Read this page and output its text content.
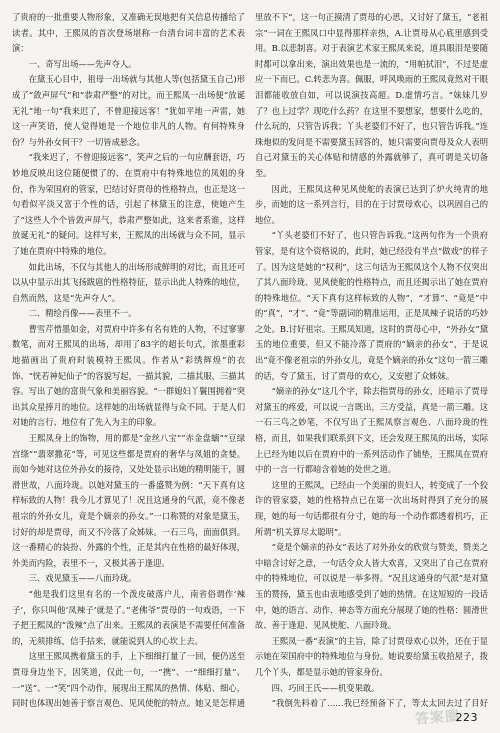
了贵府的一批重要人物形象，又准确无误地把有关信息传播给了读者。其中，王熙凤的首次登场堪称一台清台词丰富的艺术表演：

一、奇写出场——先声夺人。

在黛玉心目中，祖母一出场就与其他人等(包括黛玉自己)形成了“敛声屏气”和“恭肃严整”的对比，而王熙凤一出场便“放诞无礼”地一句“我来迟了，不曾迎接远客！”犹如平地一声雷，她这一声笑语，使人觉得她是一个地位非凡的人物。有何特殊身份？与外孙女何干？一切皆成悬念。

“我来迟了，不曾迎接远客”，笑声之后的一句应酬套语，巧妙地反映出这位随便惯了的、在贾府中有特殊地位的凤姐的身份，作为荣国府的管家，巴结讨好贾母的性格特点，也正是这一句看似平淡又富于个性的话，引起了林黛玉的注意，使她产生了“这些人个个皆敛声屏气，恭肃严整如此，这来者系谁，这样放诞无礼”的疑问。这样写来，王熙凤的出场就与众不同，显示了她在贾府中特殊的地位。

如此出场，不仅与其他人的出场形成鲜明的对比，而且还可以从中显示出其飞扬跋扈的性格特征，显示出此人特殊的地位，自然而然，这是“先声夺人”。

二、精绘肖像——表里不一。

曹雪芹惜墨如金，对贾府中许多有名有姓的人物，不过寥寥数笔，而对王熙凤的出场，却用了83字的超长句式，浓墨重彩地描画出了贵府时装模特王熙凤。作者从“彩绣辉煌”的衣饰、“恍若神妃仙子”的容貌写起，一描其貌，二描其服，三描其容。写出了她的富贵气象和美丽容貌。“一群媳妇丫鬟围拥着”突出其众星捧月的地位。这样她的出场就显得与众不同。于是人们对她的言行、地位有了先入为主的印象。

王熙凤身上的饰物，用的都是“金丝八宝”“赤金盘螭”“豆绿宫绦”“翡翠撒花”等，可见这些都是贾府的奢华与凤姐的贪婪。而如今她对这位外孙女的接待，又处处显示出她的精明能干，圆滑世故，八面玲珑。以她对黛玉的一番盛赞为例：“天下真有这样标致的人物！我今儿才算见了！况且这通身的气派，竟不像老祖宗的外孙女儿，竟是个嫡亲的孙女。”一口称赞的对象是黛玉，讨好的却是贾母，而又不冷落了众姊妹。一石三鸟，面面俱到。这一番精心的装扮、外露的个性，正是其内在性格的最好体现，外美而内险，表里不一，又极其善于逢迎。

三、戏见黛玉——八面玲珑。

“他是我们这里有名的一个泼皮破落户儿，南省俗谓作‘辣子’，你只叫他‘凤辣子’就是了。”老佛爷”贾母的一句戏语，一下子把王熙凤的“泼辣”点了出来。王熙凤的表演是不需要任何准备的，无须排练，信手拈来，就能说到人的心坎上去。

这里王熙凤携着黛玉的手，上下细细打量了一回，便仍送至贾母身边坐下，因笑道，仅此一句，一“携”、一“细细打量”、一“送”、一“笑”四个动作，展现出王熙凤的热情、体贴、细心，同时也体现出她善于察言观色、见风使舵的特点。她又是怎样通

里放不下”，这一句正摸清了贾母的心思，又讨好了黛玉，“老祖宗”一词在王熙凤口中显得那样亲热，A.让贾母从心底里感到受用。B.以悲制喜。对于表演艺术家王熙凤来说，道具眼泪是要随时都可以拿出来，演出效果也是一流的，“用帕拭泪”，不过是虚应一下而已。C.转悲为喜。佩服，呼风唤雨的王熙凤竟然对干眼泪都能收放自如，可以说演技高超。D.虚情巧言。“妹妹几岁了？也上过学？现吃什么药？在这里不要想家，想要什么吃的，什么玩的，只管告诉我；丫头老婆们不好了，也只管告诉我。”连珠炮似的发问是不需要黛玉回答的，她只需要向贾母及众人表明自己对黛玉的关心体贴和情感的外露就够了，真可谓是关切备至。

因此，王熙凤这种见风使舵的表演已达到了炉火纯青的地步，而她的这一系列言行，目的在于讨贾母欢心，以巩固自己的地位。

“丫头老婆们不好了，也只管告诉我。”这两句作为一个贵府管家，是有这个资格说的，此时，她已经没有半点“做戏”的样子了。因为这是她的“权利”，这三句话为王熙凤这个人物不仅突出了其八面玲珑、见风使舵的性格特点，而且还揭示出了她在贾府的特殊地位。“天下真有这样标致的人物”，“才算”、“竟是”中的“真”，“才”、“竟”等副词的精准运用，正是凤辣子说话的巧妙之处。B.讨好祖宗。王熙凤知道，这时的贾母心中，“外孙女”黛玉的地位重要，但又不能冷落了贾府的“嫡亲的孙女”，于是说出“竟不像老祖宗的外孙女儿，竟是个嫡亲的孙女”这句一箭三雕的话，夸了黛玉，讨了贾母的欢心，又安慰了众姊妹。

“嫡亲的孙女”这几个字，除去指贾母的孙女，还暗示了贾母对黛玉的疼爱，可以说一言既出，三方受益，真是一箭三雕。这一石三鸟之妙笔，不仅写出了王熙凤察言观色、八面玲珑的性格，而且，如果我们联系到下文，还会发现王熙凤的出场，实际上已经为她以后在贾府中的一系列活动作了铺垫，王熙凤在贾府中的一言一行都暗含着她的处世之道。

这里的王熙凤，已经由一个美丽的贵妇人，转变成了一个狡诈的管家婆，她的性格特点已在第一次出场时得到了充分的展现，她的每一句话都很有分寸，她的每一个动作都透着机巧，正所谓“机关算尽太聪明”。

“竟是个嫡亲的孙女”表达了对外孙女的欣赏与赞美，赞美之中暗含讨好之意，一句话令众人皆大欢喜，又突出了自己在贾府中的特殊地位，可以说是一举多得。“况且这通身的气派”是对黛玉的赞扬，黛玉也由衷地感受到了她的热情。在这短短的一段话中，她的语言、动作、神态等方面充分展现了她的性格：圆滑世故、善于逢迎、见风使舵、八面玲珑。

王熙凤一番“表演”的主旨，除了讨贾母欢心以外，还在于显示她在荣国府中的特殊地位与身份。她说要给黛玉收拾屋子，拨几个丫头，都是显示她的管家身份。

四、巧回王氏——机变果敢。

“我倒先料着了……我已经预备下了，等太太回去过了目好

答案圈
223
